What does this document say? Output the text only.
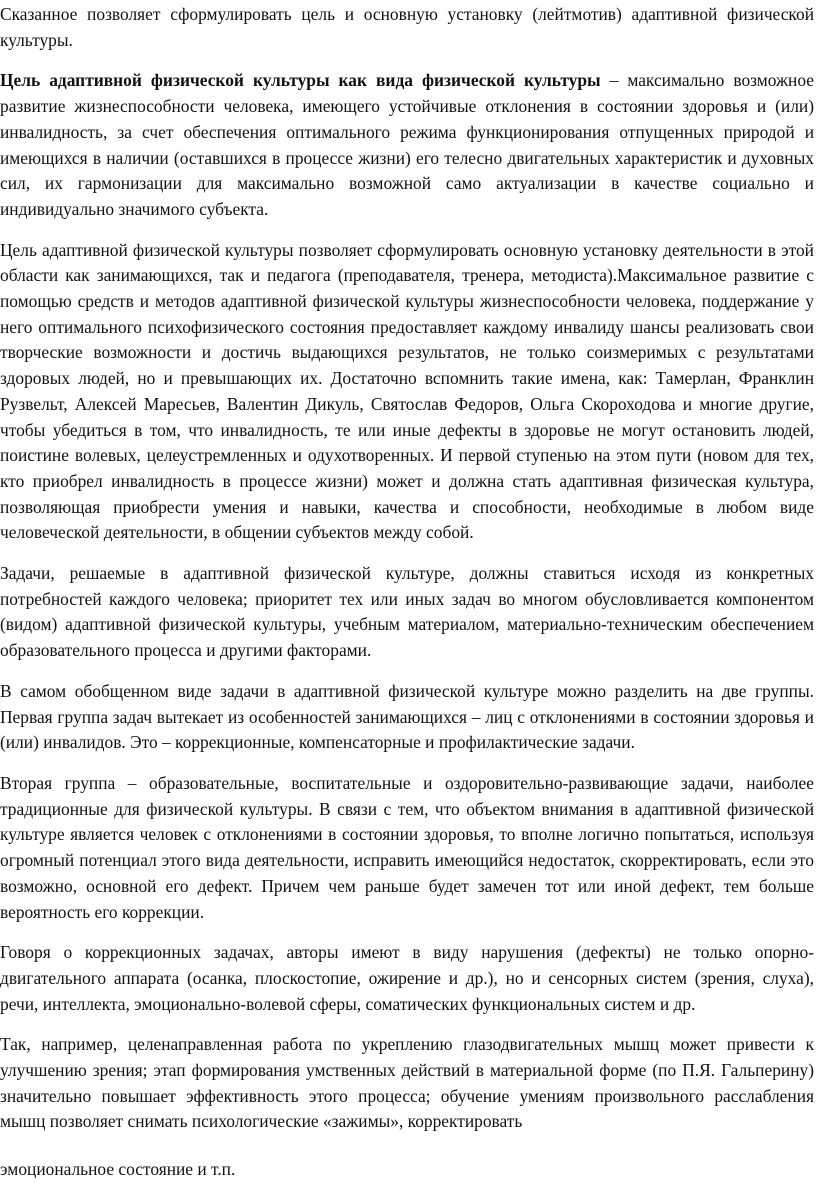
Сказанное позволяет сформулировать цель и основную установку (лейтмотив) адаптивной физической культуры.

Цель адаптивной физической культуры как вида физической культуры – максимально возможное развитие жизнеспособности человека, имеющего устойчивые отклонения в состоянии здоровья и (или) инвалидность, за счет обеспечения оптимального режима функционирования отпущенных природой и имеющихся в наличии (оставшихся в процессе жизни) его телесно двигательных характеристик и духовных сил, их гармонизации для максимально возможной само актуализации в качестве социально и индивидуально значимого субъекта.

Цель адаптивной физической культуры позволяет сформулировать основную установку деятельности в этой области как занимающихся, так и педагога (преподавателя, тренера, методиста).Максимальное развитие с помощью средств и методов адаптивной физической культуры жизнеспособности человека, поддержание у него оптимального психофизического состояния предоставляет каждому инвалиду шансы реализовать свои творческие возможности и достичь выдающихся результатов, не только соизмеримых с результатами здоровых людей, но и превышающих их. Достаточно вспомнить такие имена, как: Тамерлан, Франклин Рузвельт, Алексей Маресьев, Валентин Дикуль, Святослав Федоров, Ольга Скороходова и многие другие, чтобы убедиться в том, что инвалидность, те или иные дефекты в здоровье не могут остановить людей, поистине волевых, целеустремленных и одухотворенных. И первой ступенью на этом пути (новом для тех, кто приобрел инвалидность в процессе жизни) может и должна стать адаптивная физическая культура, позволяющая приобрести умения и навыки, качества и способности, необходимые в любом виде человеческой деятельности, в общении субъектов между собой.

Задачи, решаемые в адаптивной физической культуре, должны ставиться исходя из конкретных потребностей каждого человека; приоритет тех или иных задач во многом обусловливается компонентом (видом) адаптивной физической культуры, учебным материалом, материально-техническим обеспечением образовательного процесса и другими факторами.

В самом обобщенном виде задачи в адаптивной физической культуре можно разделить на две группы. Первая группа задач вытекает из особенностей занимающихся – лиц с отклонениями в состоянии здоровья и (или) инвалидов. Это – коррекционные, компенсаторные и профилактические задачи.

Вторая группа – образовательные, воспитательные и оздоровительно-развивающие задачи, наиболее традиционные для физической культуры. В связи с тем, что объектом внимания в адаптивной физической культуре является человек с отклонениями в состоянии здоровья, то вполне логично попытаться, используя огромный потенциал этого вида деятельности, исправить имеющийся недостаток, скорректировать, если это возможно, основной его дефект. Причем чем раньше будет замечен тот или иной дефект, тем больше вероятность его коррекции.

Говоря о коррекционных задачах, авторы имеют в виду нарушения (дефекты) не только опорно-двигательного аппарата (осанка, плоскостопие, ожирение и др.), но и сенсорных систем (зрения, слуха), речи, интеллекта, эмоционально-волевой сферы, соматических функциональных систем и др.

Так, например, целенаправленная работа по укреплению глазодвигательных мышц может привести к улучшению зрения; этап формирования умственных действий в материальной форме (по П.Я. Гальперину) значительно повышает эффективность этого процесса; обучение умениям произвольного расслабления мышц позволяет снимать психологические «зажимы», корректировать

эмоциональное состояние и т.п.
